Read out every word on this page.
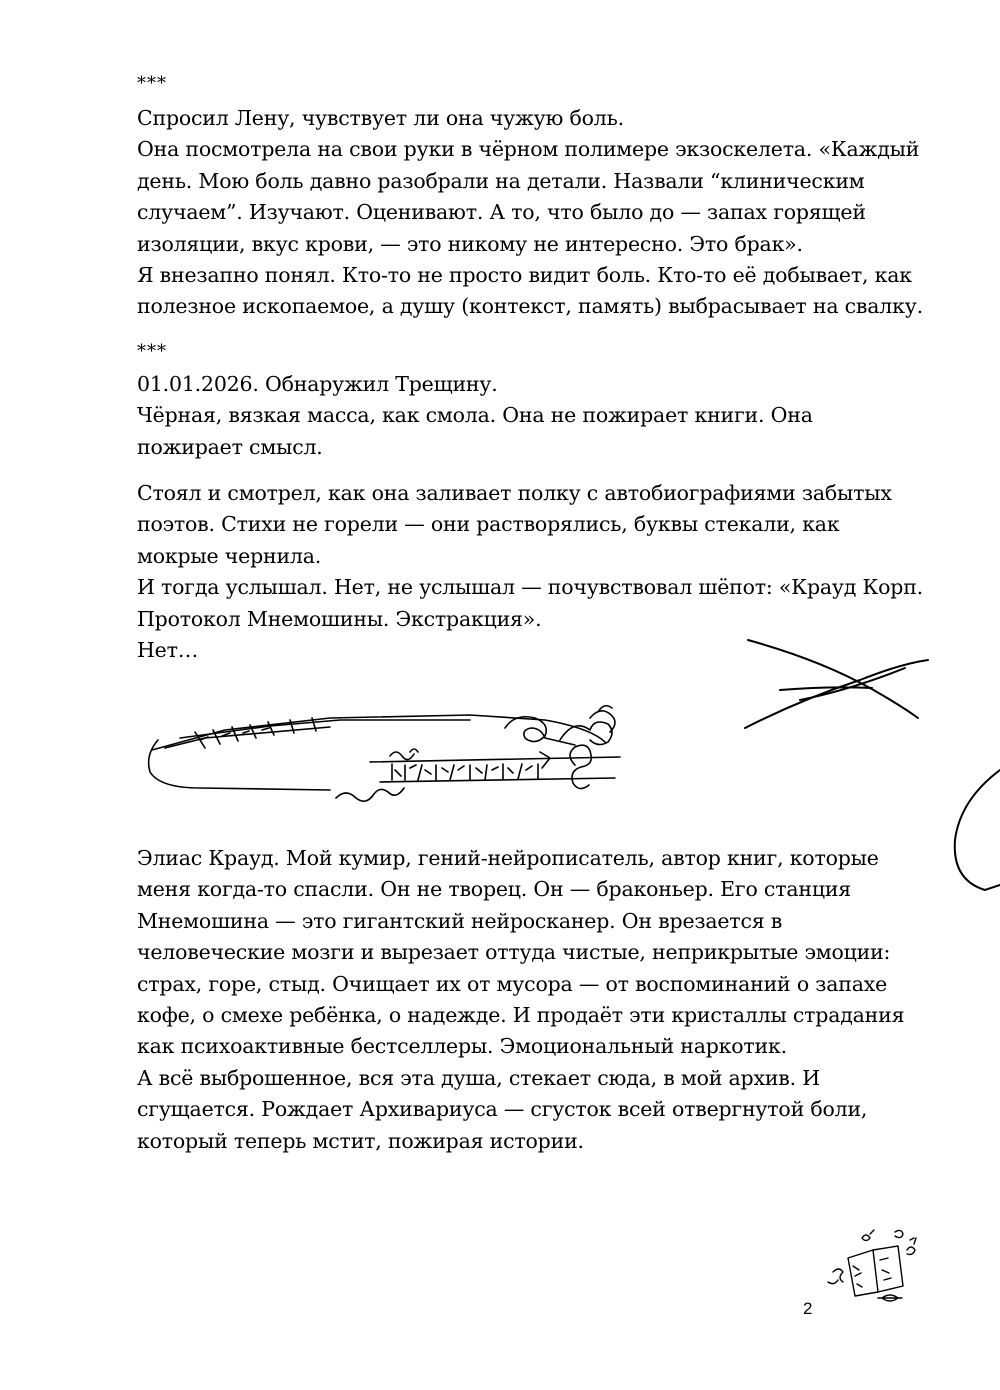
***

Спросил Лену, чувствует ли она чужую боль.

Она посмотрела на свои руки в чёрном полимере экзоскелета. «Каждый

день. Мою боль давно разобрали на детали. Назвали “клиническим

случаем”. Изучают. Оценивают. А то, что было до — запах горящей

изоляции, вкус крови, — это никому не интересно. Это брак».

Я внезапно понял. Кто-то не просто видит боль. Кто-то её добывает, как

полезное ископаемое, а душу (контекст, память) выбрасывает на свалку.

***

01.01.2026. Обнаружил Трещину.

Чёрная, вязкая масса, как смола. Она не пожирает книги. Она

пожирает смысл.

Стоял и смотрел, как она заливает полку с автобиографиями забытых

поэтов. Стихи не горели — они растворялись, буквы стекали, как

мокрые чернила.

И тогда услышал. Нет, не услышал — почувствовал шёпот: «Крауд Корп.

Протокол Мнемошины. Экстракция».

Нет…

Элиас Крауд. Мой кумир, гений-нейрописатель, автор книг, которые

меня когда-то спасли. Он не творец. Он — браконьер. Его станция

Мнемошина — это гигантский нейросканер. Он врезается в

человеческие мозги и вырезает оттуда чистые, неприкрытые эмоции:

страх, горе, стыд. Очищает их от мусора — от воспоминаний о запахе

кофе, о смехе ребёнка, о надежде. И продаёт эти кристаллы страдания

как психоактивные бестселлеры. Эмоциональный наркотик.

А всё выброшенное, вся эта душа, стекает сюда, в мой архив. И

сгущается. Рождает Архивариуса — сгусток всей отвергнутой боли,

который теперь мстит, пожирая истории.

2
